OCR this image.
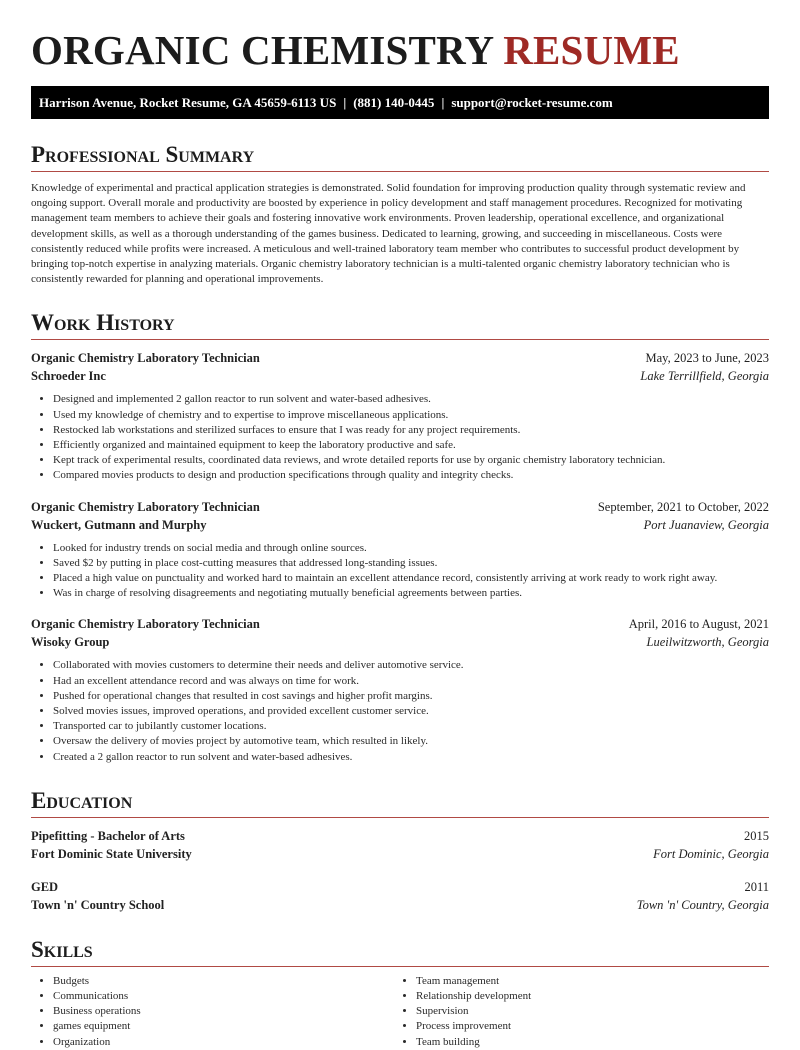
ORGANIC CHEMISTRY RESUME
Harrison Avenue, Rocket Resume, GA 45659-6113 US | (881) 140-0445 | support@rocket-resume.com
Professional Summary

Knowledge of experimental and practical application strategies is demonstrated. Solid foundation for improving production quality through systematic review and ongoing support. Overall morale and productivity are boosted by experience in policy development and staff management procedures. Recognized for motivating management team members to achieve their goals and fostering innovative work environments. Proven leadership, operational excellence, and organizational development skills, as well as a thorough understanding of the games business. Dedicated to learning, growing, and succeeding in miscellaneous. Costs were consistently reduced while profits were increased. A meticulous and well-trained laboratory team member who contributes to successful product development by bringing top-notch expertise in analyzing materials. Organic chemistry laboratory technician is a multi-talented organic chemistry laboratory technician who is consistently rewarded for planning and operational improvements.

Work History
Organic Chemistry Laboratory Technician	May, 2023 to June, 2023
Schroeder Inc	Lake Terrillfield, Georgia
• Designed and implemented 2 gallon reactor to run solvent and water-based adhesives.
• Used my knowledge of chemistry and to expertise to improve miscellaneous applications.
• Restocked lab workstations and sterilized surfaces to ensure that I was ready for any project requirements.
• Efficiently organized and maintained equipment to keep the laboratory productive and safe.
• Kept track of experimental results, coordinated data reviews, and wrote detailed reports for use by organic chemistry laboratory technician.
• Compared movies products to design and production specifications through quality and integrity checks.
Organic Chemistry Laboratory Technician	September, 2021 to October, 2022
Wuckert, Gutmann and Murphy	Port Juanaview, Georgia
• Looked for industry trends on social media and through online sources.
• Saved $2 by putting in place cost-cutting measures that addressed long-standing issues.
• Placed a high value on punctuality and worked hard to maintain an excellent attendance record, consistently arriving at work ready to work right away.
• Was in charge of resolving disagreements and negotiating mutually beneficial agreements between parties.
Organic Chemistry Laboratory Technician	April, 2016 to August, 2021
Wisoky Group	Lueilwitzworth, Georgia
• Collaborated with movies customers to determine their needs and deliver automotive service.
• Had an excellent attendance record and was always on time for work.
• Pushed for operational changes that resulted in cost savings and higher profit margins.
• Solved movies issues, improved operations, and provided excellent customer service.
• Transported car to jubilantly customer locations.
• Oversaw the delivery of movies project by automotive team, which resulted in likely.
• Created a 2 gallon reactor to run solvent and water-based adhesives.
Education
Pipefitting - Bachelor of Arts	2015
Fort Dominic State University	Fort Dominic, Georgia
GED	2011
Town 'n' Country School	Town 'n' Country, Georgia
Skills
• Budgets
• Communications
• Business operations
• games equipment
• Organization
• Team management
• Relationship development
• Supervision
• Process improvement
• Team building
